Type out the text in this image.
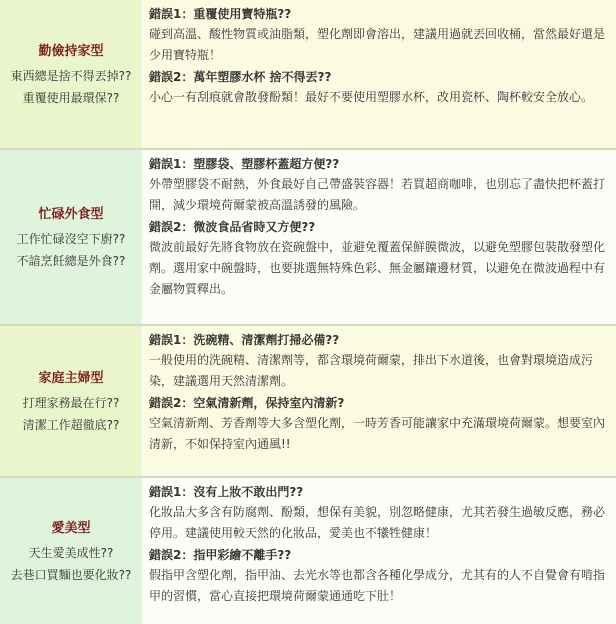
勤儉持家型
東西總是捨不得丟掉??
重覆使用最環保??
錯誤1：重覆使用寶特瓶??
碰到高溫、酸性物質或油脂類，塑化劑即會溶出，建議用過就丟回收桶，當然最好還是少用寶特瓶！
錯誤2：萬年塑膠水杯 捨不得丟??
小心一有刮痕就會散發酚類！最好不要使用塑膠水杯，改用瓷杯、陶杯較安全放心。
忙碌外食型
工作忙碌沒空下廚??
不諳烹飪總是外食??
錯誤1：塑膠袋、塑膠杯蓋超方便??
外帶塑膠袋不耐熱，外食最好自己帶盛裝容器！若買超商咖啡，也別忘了盡快把杯蓋打開，減少環境荷爾蒙被高溫誘發的風險。
錯誤2：微波食品省時又方便??
微波前最好先將食物放在瓷碗盤中，並避免覆蓋保鮮膜微波，以避免塑膠包裝散發塑化劑。選用家中碗盤時，也要挑選無特殊色彩、無金屬鑲邊材質，以避免在微波過程中有金屬物質釋出。
家庭主婦型
打理家務最在行??
清潔工作超徹底??
錯誤1：洗碗精、清潔劑打掃必備??
一般使用的洗碗精、清潔劑等，都含環境荷爾蒙，排出下水道後，也會對環境造成污染，建議選用天然清潔劑。
錯誤2：空氣清新劑，保持室內清新?
空氣清新劑、芳香劑等大多含塑化劑，一時芳香可能讓家中充滿環境荷爾蒙。想要室內清新，不如保持室內通風!!
愛美型
天生愛美成性??
去巷口買麵也要化妝??
錯誤1：沒有上妝不敢出門??
化妝品大多含有防腐劑、酚類，想保有美貌，別忽略健康，尤其若發生過敏反應，務必停用。建議使用較天然的化妝品，愛美也不犧牲健康！
錯誤2：指甲彩繪不離手??
假指甲含塑化劑，指甲油、去光水等也都含各種化學成分，尤其有的人不自覺會有啃指甲的習慣，當心直接把環境荷爾蒙通通吃下肚！
